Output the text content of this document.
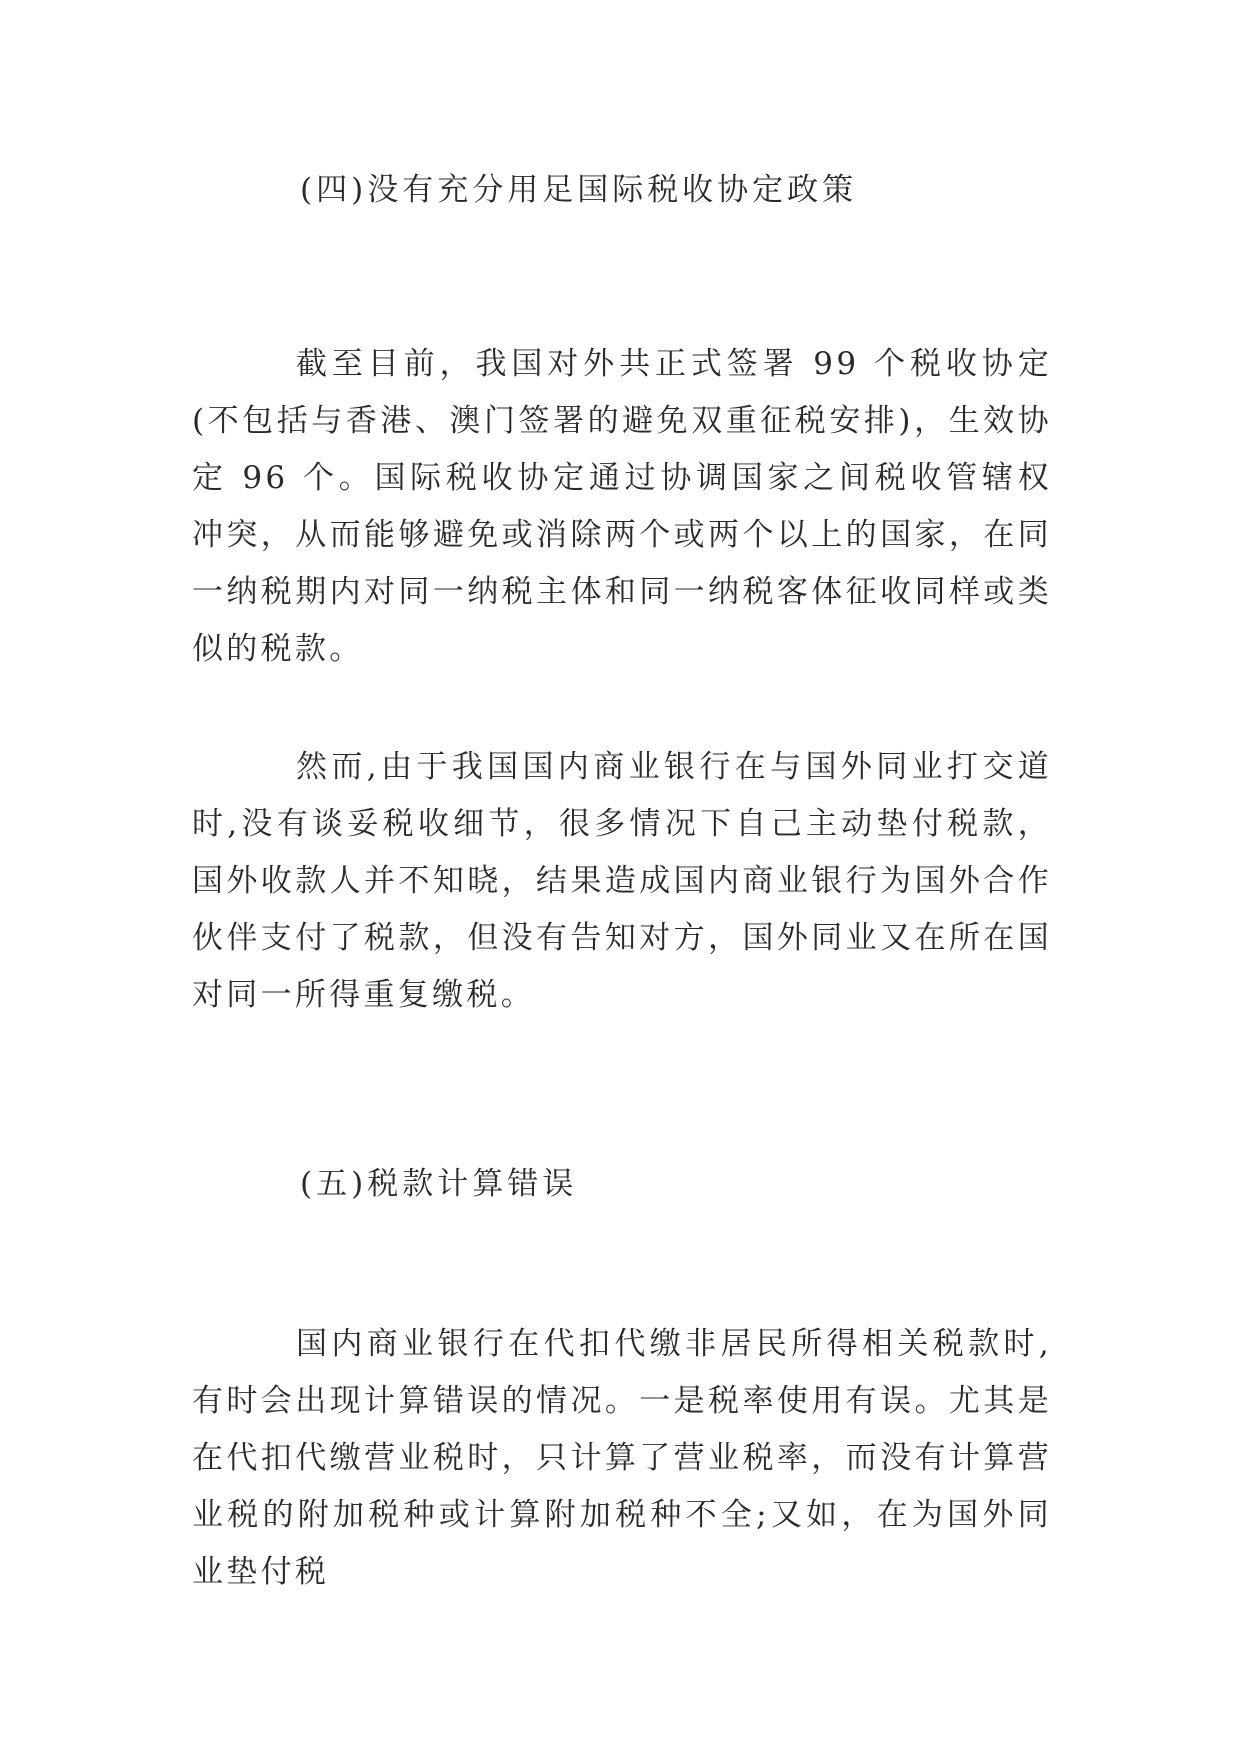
(四)没有充分用足国际税收协定政策

截至目前，我国对外共正式签署 99 个税收协定(不包括与香港、澳门签署的避免双重征税安排)，生效协定 96 个。国际税收协定通过协调国家之间税收管辖权冲突，从而能够避免或消除两个或两个以上的国家，在同一纳税期内对同一纳税主体和同一纳税客体征收同样或类似的税款。

然而,由于我国国内商业银行在与国外同业打交道时,没有谈妥税收细节，很多情况下自己主动垫付税款，国外收款人并不知晓，结果造成国内商业银行为国外合作伙伴支付了税款，但没有告知对方，国外同业又在所在国对同一所得重复缴税。

(五)税款计算错误

国内商业银行在代扣代缴非居民所得相关税款时,有时会出现计算错误的情况。一是税率使用有误。尤其是在代扣代缴营业税时，只计算了营业税率，而没有计算营业税的附加税种或计算附加税种不全;又如，在为国外同业垫付税
